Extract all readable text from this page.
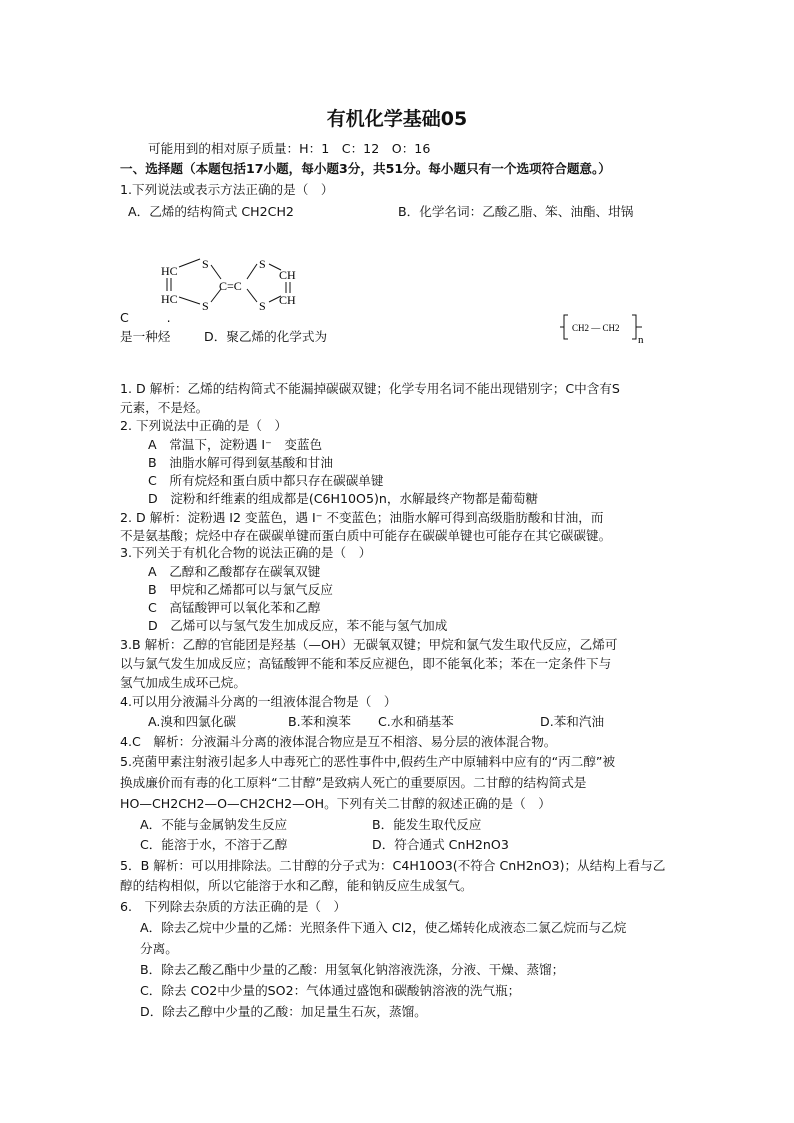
有机化学基础05
可能用到的相对原子质量：H：1　C：12　O：16
一、选择题（本题包括17小题，每小题3分，共51分。每小题只有一个选项符合题意。）
1.下列说法或表示方法正确的是（　）
A．乙烯的结构简式 CH2CH2	B．化学名词：乙酸乙脂、笨、油酯、坩锅
HC
HC
S
S
C=C
S
S
CH
CH
C　　　.
是一种烃	D．聚乙烯的化学式为
CH2 — CH2
n
1. D 解析：乙烯的结构简式不能漏掉碳碳双键；化学专用名词不能出现错别字；C中含有S
元素，不是烃。
2. 下列说法中正确的是（　）
A　常温下，淀粉遇 I⁻　变蓝色
B　油脂水解可得到氨基酸和甘油
C　所有烷烃和蛋白质中都只存在碳碳单键
D　淀粉和纤维素的组成都是(C6H10O5)n，水解最终产物都是葡萄糖
2. D 解析：淀粉遇 I2 变蓝色，遇 I⁻ 不变蓝色；油脂水解可得到高级脂肪酸和甘油，而
不是氨基酸；烷烃中存在碳碳单键而蛋白质中可能存在碳碳单键也可能存在其它碳碳键。
3.下列关于有机化合物的说法正确的是（　）
A　乙醇和乙酸都存在碳氧双键
B　甲烷和乙烯都可以与氯气反应
C　高锰酸钾可以氧化苯和乙醇
D　乙烯可以与氢气发生加成反应，苯不能与氢气加成
3.B 解析：乙醇的官能团是羟基（—OH）无碳氧双键；甲烷和氯气发生取代反应，乙烯可
以与氯气发生加成反应；高锰酸钾不能和苯反应褪色，即不能氧化苯；苯在一定条件下与
氢气加成生成环己烷。
4.可以用分液漏斗分离的一组液体混合物是（　）
A.溴和四氯化碳	B.苯和溴苯 C.水和硝基苯	D.苯和汽油
4.C　解析：分液漏斗分离的液体混合物应是互不相溶、易分层的液体混合物。
5.亮菌甲素注射液引起多人中毒死亡的恶性事件中,假药生产中原辅料中应有的“丙二醇”被
换成廉价而有毒的化工原料“二甘醇”是致病人死亡的重要原因。二甘醇的结构简式是
HO—CH2CH2—O—CH2CH2—OH。下列有关二甘醇的叙述正确的是（　）
A．不能与金属钠发生反应	B．能发生取代反应
C．能溶于水，不溶于乙醇	D．符合通式 CnH2nO3
5．B 解析：可以用排除法。二甘醇的分子式为：C4H10O3(不符合 CnH2nO3)；从结构上看与乙
醇的结构相似，所以它能溶于水和乙醇，能和钠反应生成氢气。
6.　下列除去杂质的方法正确的是（　）
A．除去乙烷中少量的乙烯：光照条件下通入 Cl2，使乙烯转化成液态二氯乙烷而与乙烷
分离。
B．除去乙酸乙酯中少量的乙酸：用氢氧化钠溶液洗涤，分液、干燥、蒸馏；
C．除去 CO2中少量的SO2：气体通过盛饱和碳酸钠溶液的洗气瓶；
D．除去乙醇中少量的乙酸：加足量生石灰，蒸馏。
